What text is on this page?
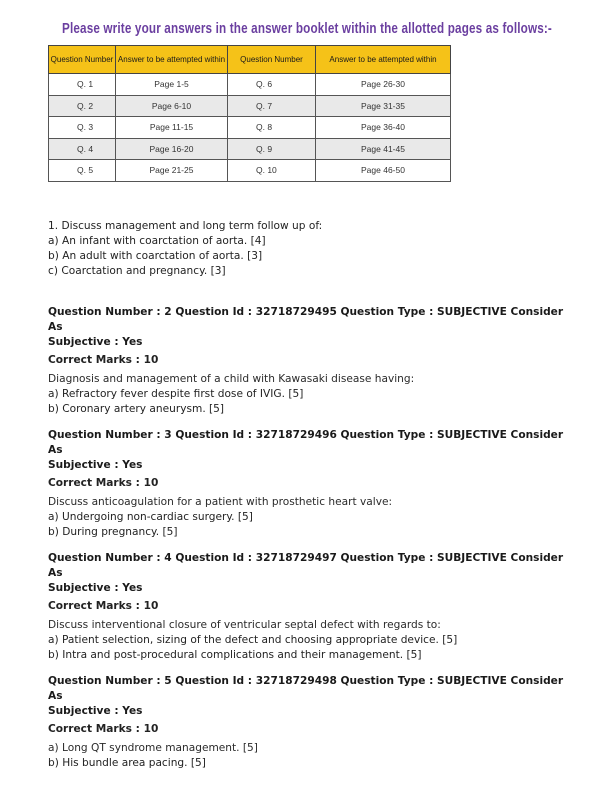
Please write your answers in the answer booklet within the allotted pages as follows:-
Question Number	Answer to be attempted within	Question Number	Answer to be attempted within
Q. 1	Page 1-5	Q. 6	Page 26-30
Q. 2	Page 6-10	Q. 7	Page 31-35
Q. 3	Page 11-15	Q. 8	Page 36-40
Q. 4	Page 16-20	Q. 9	Page 41-45
Q. 5	Page 21-25	Q. 10	Page 46-50

1. Discuss management and long term follow up of:

a) An infant with coarctation of aorta. [4]

b) An adult with coarctation of aorta. [3]

c) Coarctation and pregnancy. [3]

Question Number : 2 Question Id : 32718729495 Question Type : SUBJECTIVE Consider As

Subjective : Yes

Correct Marks : 10

Diagnosis and management of a child with Kawasaki disease having:

a) Refractory fever despite first dose of IVIG. [5]

b) Coronary artery aneurysm. [5]

Question Number : 3 Question Id : 32718729496 Question Type : SUBJECTIVE Consider As

Subjective : Yes

Correct Marks : 10

Discuss anticoagulation for a patient with prosthetic heart valve:

a) Undergoing non-cardiac surgery. [5]

b) During pregnancy. [5]

Question Number : 4 Question Id : 32718729497 Question Type : SUBJECTIVE Consider As

Subjective : Yes

Correct Marks : 10

Discuss interventional closure of ventricular septal defect with regards to:

a) Patient selection, sizing of the defect and choosing appropriate device. [5]

b) Intra and post-procedural complications and their management. [5]

Question Number : 5 Question Id : 32718729498 Question Type : SUBJECTIVE Consider As

Subjective : Yes

Correct Marks : 10

a) Long QT syndrome management. [5]

b) His bundle area pacing. [5]
